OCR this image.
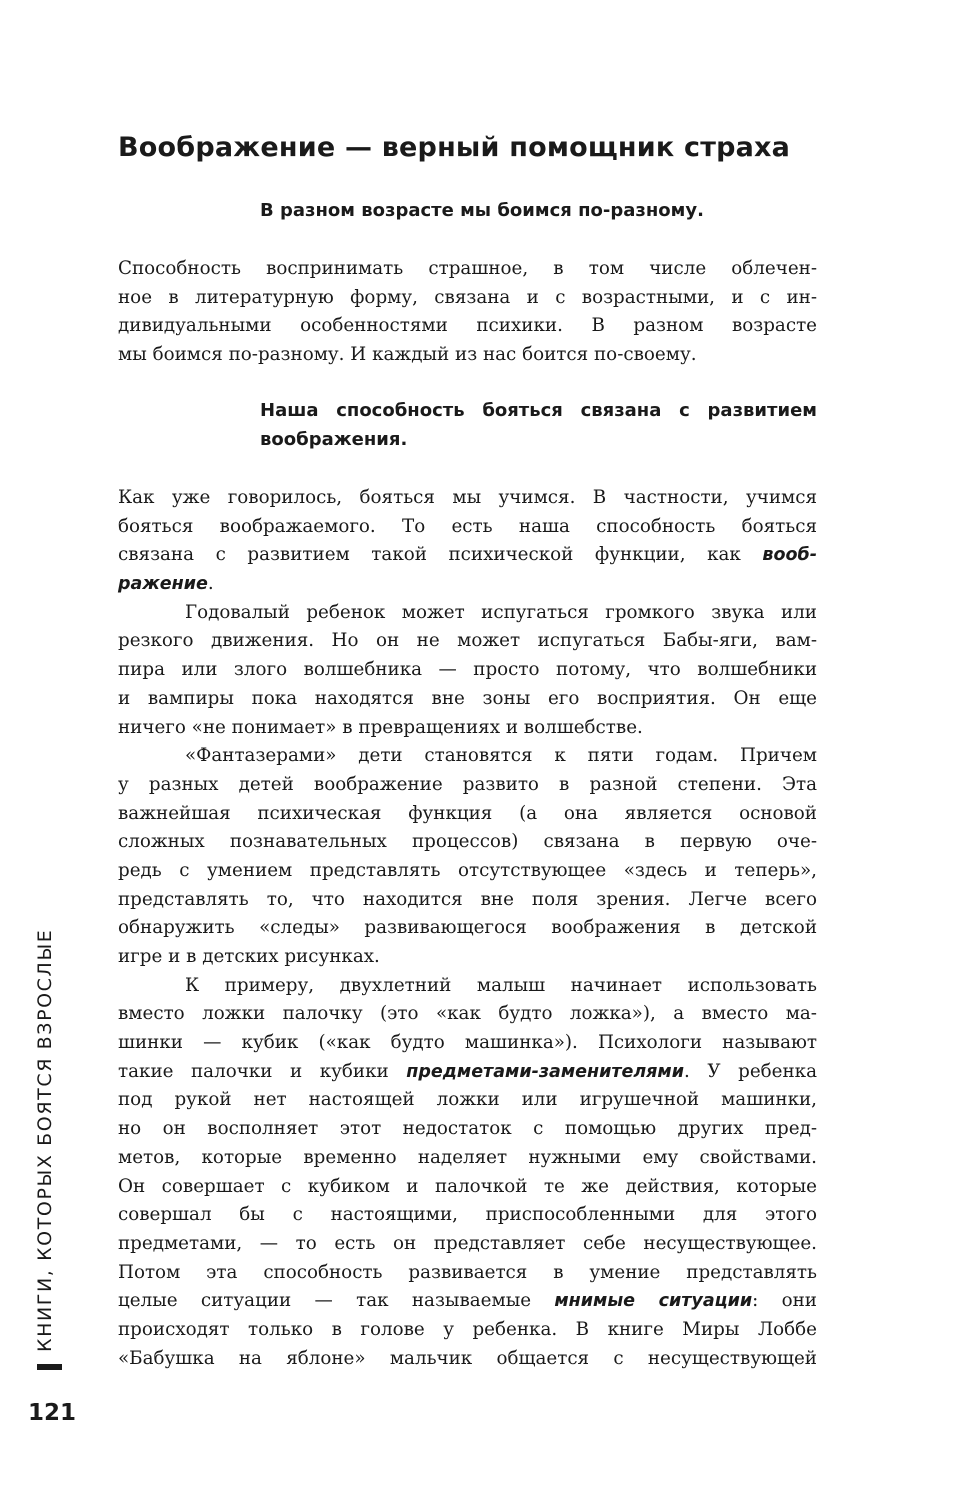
Воображение — верный помощник страха

В разном возрасте мы боимся по-разному.

Способность воспринимать страшное, в том числе облечен-
ное в литературную форму, связана и с возрастными, и с ин-
дивидуальными особенностями психики. В разном возрасте
мы боимся по-разному. И каждый из нас боится по-своему.

Наша способность бояться связана с развитием
воображения.

Как уже говорилось, бояться мы учимся. В частности, учимся
бояться воображаемого. То есть наша способность бояться
связана с развитием такой психической функции, как вооб-
ражение.
Годовалый ребенок может испугаться громкого звука или
резкого движения. Но он не может испугаться Бабы-яги, вам-
пира или злого волшебника — просто потому, что волшебники
и вампиры пока находятся вне зоны его восприятия. Он еще
ничего «не понимает» в превращениях и волшебстве.
«Фантазерами» дети становятся к пяти годам. Причем
у разных детей воображение развито в разной степени. Эта
важнейшая психическая функция (а она является основой
сложных познавательных процессов) связана в первую оче-
редь с умением представлять отсутствующее «здесь и теперь»,
представлять то, что находится вне поля зрения. Легче всего
обнаружить «следы» развивающегося воображения в детской
игре и в детских рисунках.
К примеру, двухлетний малыш начинает использовать
вместо ложки палочку (это «как будто ложка»), а вместо ма-
шинки — кубик («как будто машинка»). Психологи называют
такие палочки и кубики предметами-заменителями. У ребенка
под рукой нет настоящей ложки или игрушечной машинки,
но он восполняет этот недостаток с помощью других пред-
метов, которые временно наделяет нужными ему свойствами.
Он совершает с кубиком и палочкой те же действия, которые
совершал бы с настоящими, приспособленными для этого
предметами, — то есть он представляет себе несуществующее.
Потом эта способность развивается в умение представлять
целые ситуации — так называемые мнимые ситуации: они
происходят только в голове у ребенка. В книге Миры Лоббе
«Бабушка на яблоне» мальчик общается с несуществующей
КНИГИ, КОТОРЫХ БОЯТСЯ ВЗРОСЛЫЕ
121
